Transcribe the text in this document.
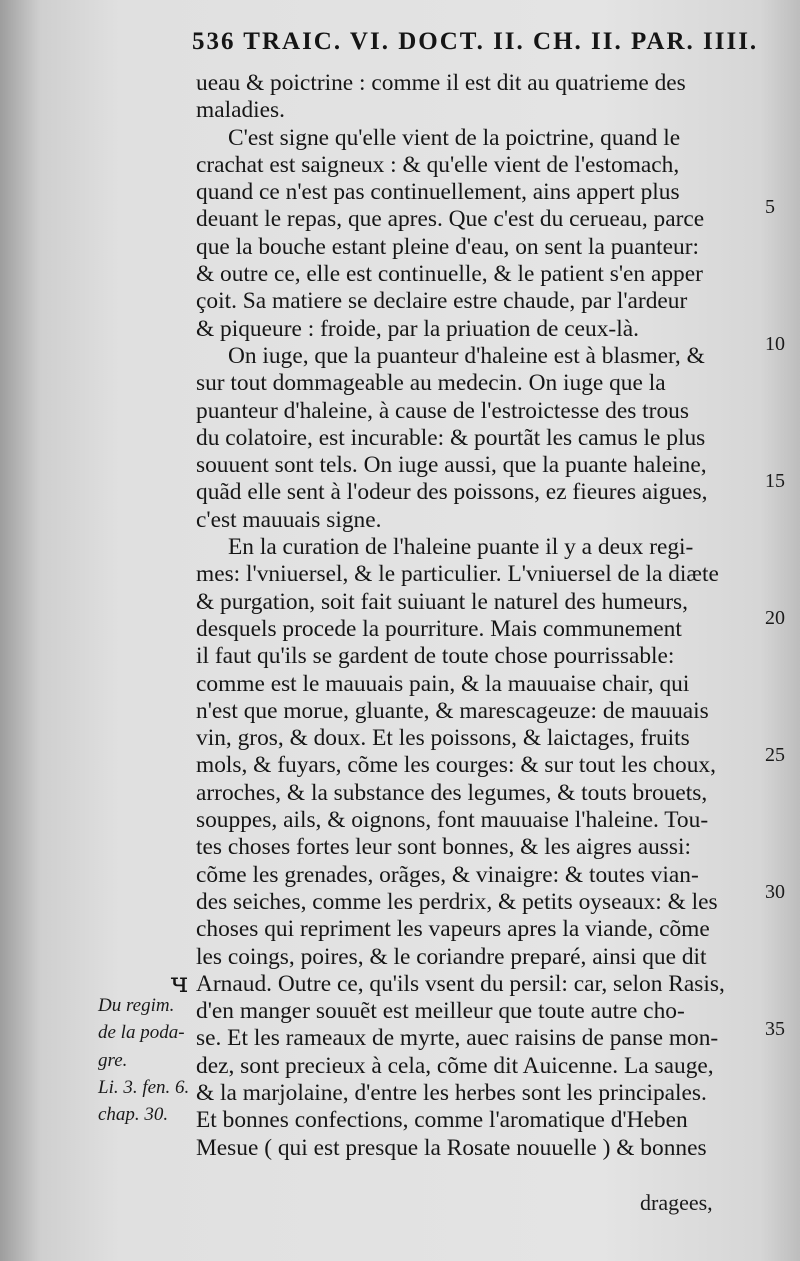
536 TRAIC. VI. DOCT. II. CH. II. PAR. IIII.
ueau & poictrine : comme il est dit au quatrieme des
maladies.
C'est signe qu'elle vient de la poictrine, quand le
crachat est saigneux : & qu'elle vient de l'estomach,
quand ce n'est pas continuellement, ains appert plus
deuant le repas, que apres. Que c'est du cerueau, parce
que la bouche estant pleine d'eau, on sent la puanteur:
& outre ce, elle est continuelle, & le patient s'en apper
çoit. Sa matiere se declaire estre chaude, par l'ardeur
& piqueure : froide, par la priuation de ceux-là.
On iuge, que la puanteur d'haleine est à blasmer, &
sur tout dommageable au medecin. On iuge que la
puanteur d'haleine, à cause de l'estroictesse des trous
du colatoire, est incurable: & pourtãt les camus le plus
souuent sont tels. On iuge aussi, que la puante haleine,
quãd elle sent à l'odeur des poissons, ez fieures aigues,
c'est mauuais signe.
En la curation de l'haleine puante il y a deux regi-
mes: l'vniuersel, & le particulier. L'vniuersel de la diæte
& purgation, soit fait suiuant le naturel des humeurs,
desquels procede la pourriture. Mais communement
il faut qu'ils se gardent de toute chose pourrissable:
comme est le mauuais pain, & la mauuaise chair, qui
n'est que morue, gluante, & marescageuze: de mauuais
vin, gros, & doux. Et les poissons, & laictages, fruits
mols, & fuyars, cõme les courges: & sur tout les choux,
arroches, & la substance des legumes, & touts brouets,
souppes, ails, & oignons, font mauuaise l'haleine. Tou-
tes choses fortes leur sont bonnes, & les aigres aussi:
cõme les grenades, orãges, & vinaigre: & toutes vian-
des seiches, comme les perdrix, & petits oyseaux: & les
choses qui repriment les vapeurs apres la viande, cõme
les coings, poires, & le coriandre preparé, ainsi que dit
Arnaud. Outre ce, qu'ils vsent du persil: car, selon Rasis,
d'en manger souuẽt est meilleur que toute autre cho-
se. Et les rameaux de myrte, auec raisins de panse mon-
dez, sont precieux à cela, cõme dit Auicenne. La sauge,
& la marjolaine, d'entre les herbes sont les principales.
Et bonnes confections, comme l'aromatique d'Heben
Mesue ( qui est presque la Rosate nouuelle ) & bonnes
5
10
15
20
25
30
35
ч
Du regim.
de la poda-
gre.
Li. 3. fen. 6.
chap. 30.
dragees,
